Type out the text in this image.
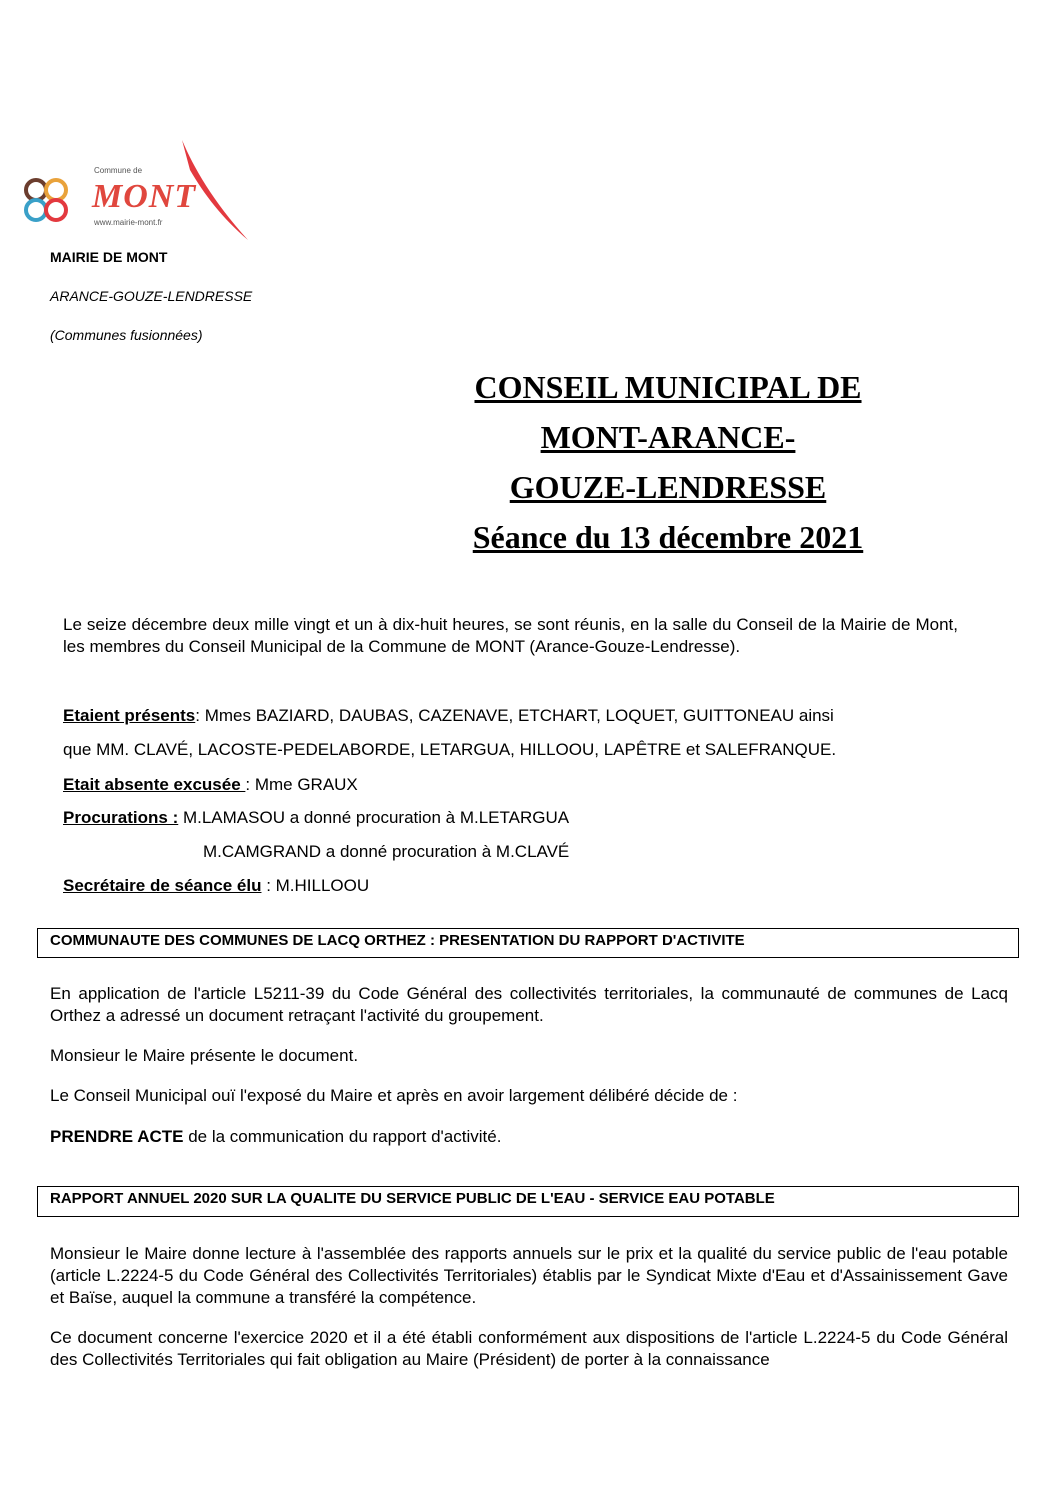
Commune de
MONT
www.mairie-mont.fr
MAIRIE DE MONT
ARANCE-GOUZE-LENDRESSE
(Communes fusionnées)
CONSEIL MUNICIPAL DE
MONT-ARANCE-
GOUZE-LENDRESSE
Séance du 13 décembre 2021
Le seize décembre deux mille vingt et un à dix-huit heures, se sont réunis, en la salle du Conseil de la Mairie de Mont, les membres du Conseil Municipal de la Commune de MONT (Arance-Gouze-Lendresse).
Etaient présents: Mmes BAZIARD, DAUBAS, CAZENAVE, ETCHART, LOQUET, GUITTONEAU ainsi
que MM. CLAVÉ, LACOSTE-PEDELABORDE, LETARGUA, HILLOOU, LAPÊTRE et SALEFRANQUE.
Etait absente excusée : Mme GRAUX
Procurations : M.LAMASOU a donné procuration à M.LETARGUA
M.CAMGRAND a donné procuration à M.CLAVÉ
Secrétaire de séance élu : M.HILLOOU
COMMUNAUTE DES COMMUNES DE LACQ ORTHEZ : PRESENTATION DU RAPPORT D'ACTIVITE
En application de l'article L5211-39 du Code Général des collectivités territoriales, la communauté de communes de Lacq Orthez a adressé un document retraçant l'activité du groupement.
Monsieur le Maire présente le document.
Le Conseil Municipal ouï l'exposé du Maire et après en avoir largement délibéré décide de :
PRENDRE ACTE de la communication du rapport d'activité.
RAPPORT ANNUEL 2020 SUR LA QUALITE DU SERVICE PUBLIC DE L'EAU - SERVICE EAU POTABLE
Monsieur le Maire donne lecture à l'assemblée des rapports annuels sur le prix et la qualité du service public de l'eau potable (article L.2224-5 du Code Général des Collectivités Territoriales) établis par le Syndicat Mixte d'Eau et d'Assainissement Gave et Baïse, auquel la commune a transféré la compétence.
Ce document concerne l'exercice 2020 et il a été établi conformément aux dispositions de l'article L.2224-5 du Code Général des Collectivités Territoriales qui fait obligation au Maire (Président) de porter à la connaissance
